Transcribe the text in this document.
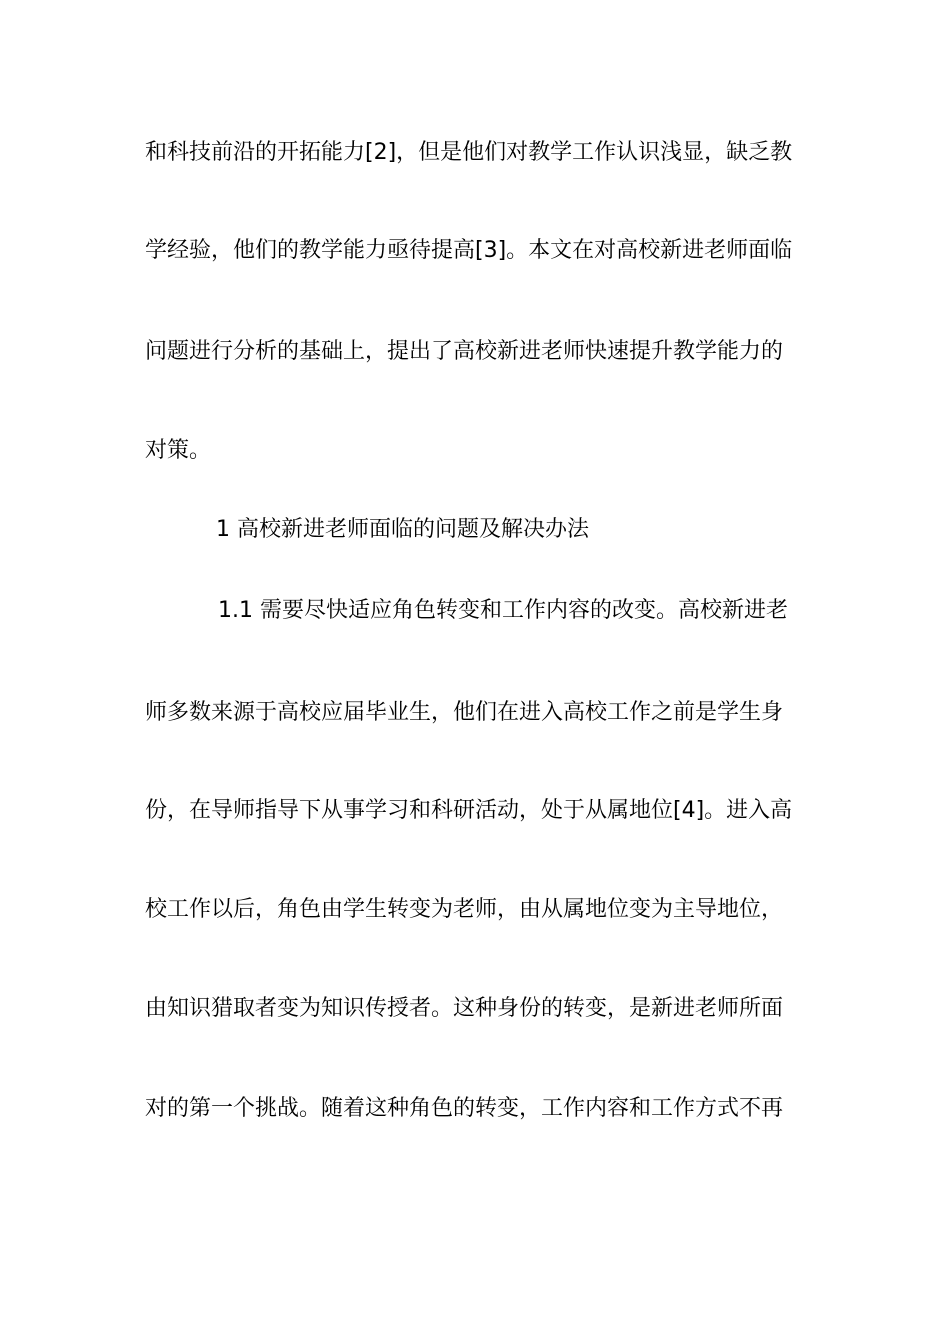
和科技前沿的开拓能力[2]，但是他们对教学工作认识浅显，缺乏教
学经验，他们的教学能力亟待提高[3]。本文在对高校新进老师面临
问题进行分析的基础上，提出了高校新进老师快速提升教学能力的
对策。
1 高校新进老师面临的问题及解决办法
1.1 需要尽快适应角色转变和工作内容的改变。高校新进老
师多数来源于高校应届毕业生，他们在进入高校工作之前是学生身
份，在导师指导下从事学习和科研活动，处于从属地位[4]。进入高
校工作以后，角色由学生转变为老师，由从属地位变为主导地位，
由知识猎取者变为知识传授者。这种身份的转变，是新进老师所面
对的第一个挑战。随着这种角色的转变，工作内容和工作方式不再
